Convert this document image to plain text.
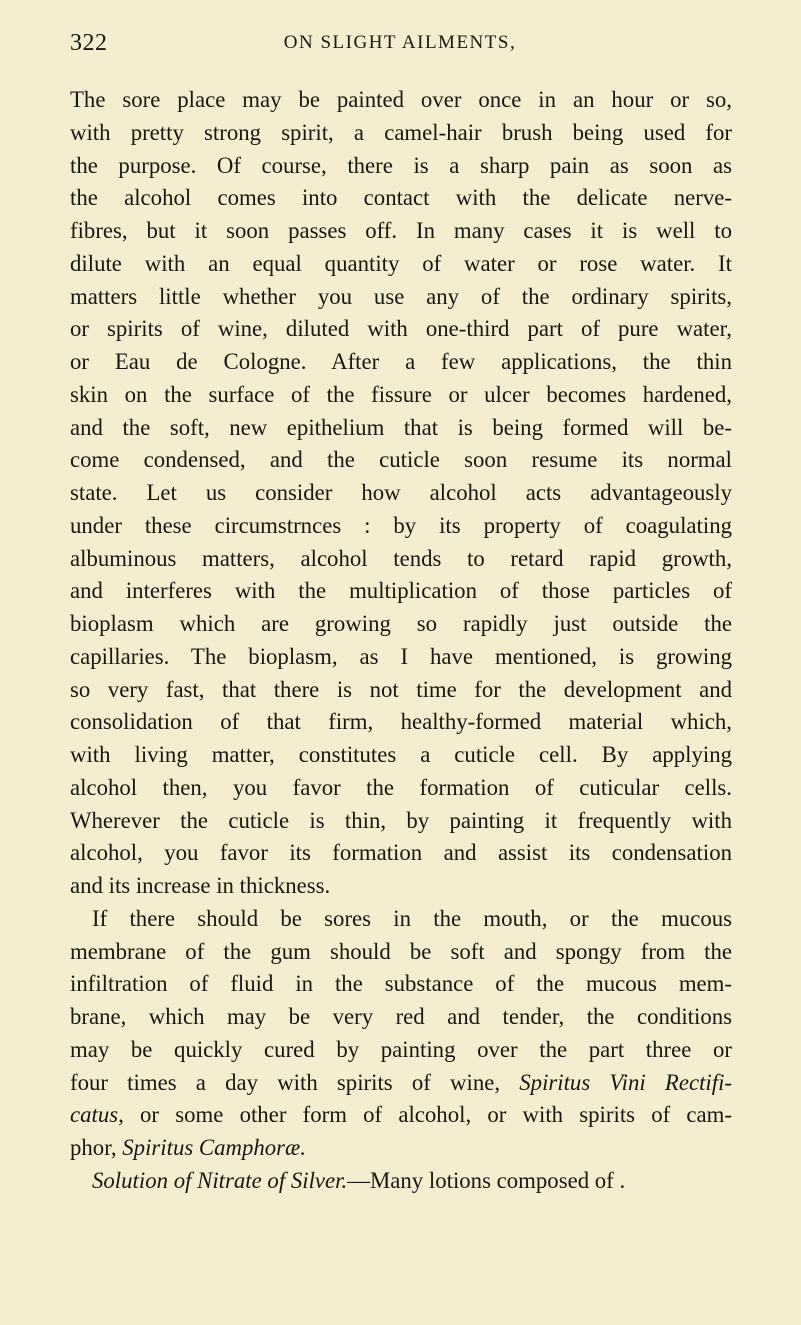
322	ON SLIGHT AILMENTS,
The sore place may be painted over once in an hour or so,
with pretty strong spirit, a camel-hair brush being used for
the purpose. Of course, there is a sharp pain as soon as
the alcohol comes into contact with the delicate nerve-
fibres, but it soon passes off. In many cases it is well to
dilute with an equal quantity of water or rose water. It
matters little whether you use any of the ordinary spirits,
or spirits of wine, diluted with one-third part of pure water,
or Eau de Cologne. After a few applications, the thin
skin on the surface of the fissure or ulcer becomes hardened,
and the soft, new epithelium that is being formed will be-
come condensed, and the cuticle soon resume its normal
state. Let us consider how alcohol acts advantageously
under these circumstrnces : by its property of coagulating
albuminous matters, alcohol tends to retard rapid growth,
and interferes with the multiplication of those particles of
bioplasm which are growing so rapidly just outside the
capillaries. The bioplasm, as I have mentioned, is growing
so very fast, that there is not time for the development and
consolidation of that firm, healthy-formed material which,
with living matter, constitutes a cuticle cell. By applying
alcohol then, you favor the formation of cuticular cells.
Wherever the cuticle is thin, by painting it frequently with
alcohol, you favor its formation and assist its condensation
and its increase in thickness.
If there should be sores in the mouth, or the mucous
membrane of the gum should be soft and spongy from the
infiltration of fluid in the substance of the mucous mem-
brane, which may be very red and tender, the conditions
may be quickly cured by painting over the part three or
four times a day with spirits of wine, Spiritus Vini Rectifi-
catus, or some other form of alcohol, or with spirits of cam-
phor, Spiritus Camphoræ.
Solution of Nitrate of Silver.—Many lotions composed of .
